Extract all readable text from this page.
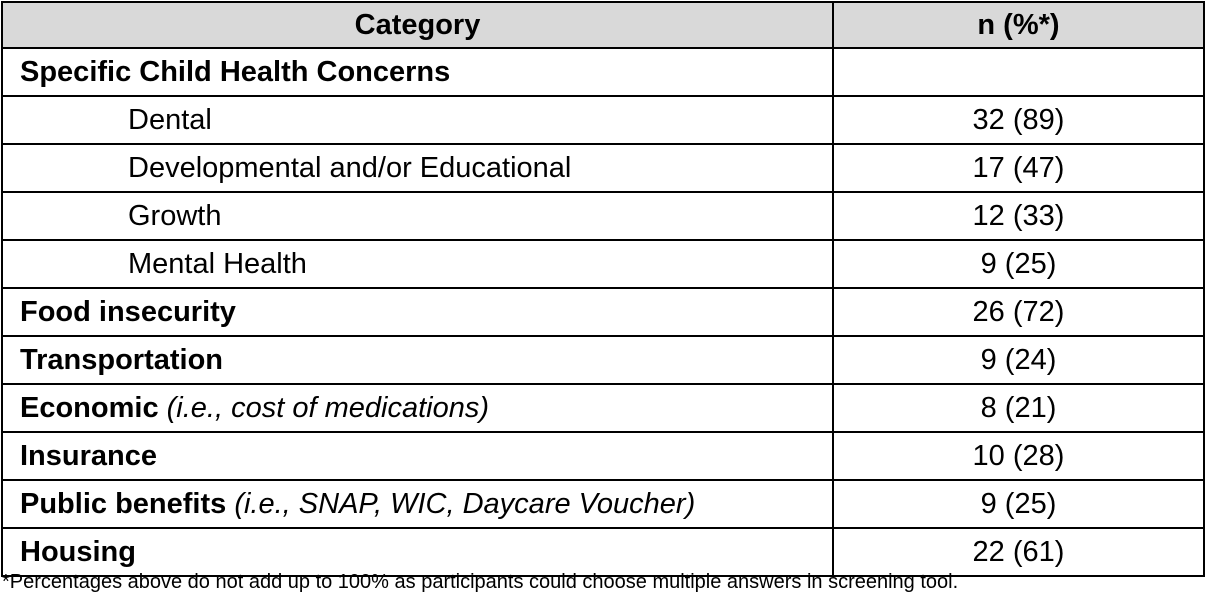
Category	n (%*)
Specific Child Health Concerns	
Dental	32 (89)
Developmental and/or Educational	17 (47)
Growth	12 (33)
Mental Health	9 (25)
Food insecurity	26 (72)
Transportation	9 (24)
Economic (i.e., cost of medications)	8 (21)
Insurance	10 (28)
Public benefits (i.e., SNAP, WIC, Daycare Voucher)	9 (25)
Housing	22 (61)
*Percentages above do not add up to 100% as participants could choose multiple answers in screening tool.
